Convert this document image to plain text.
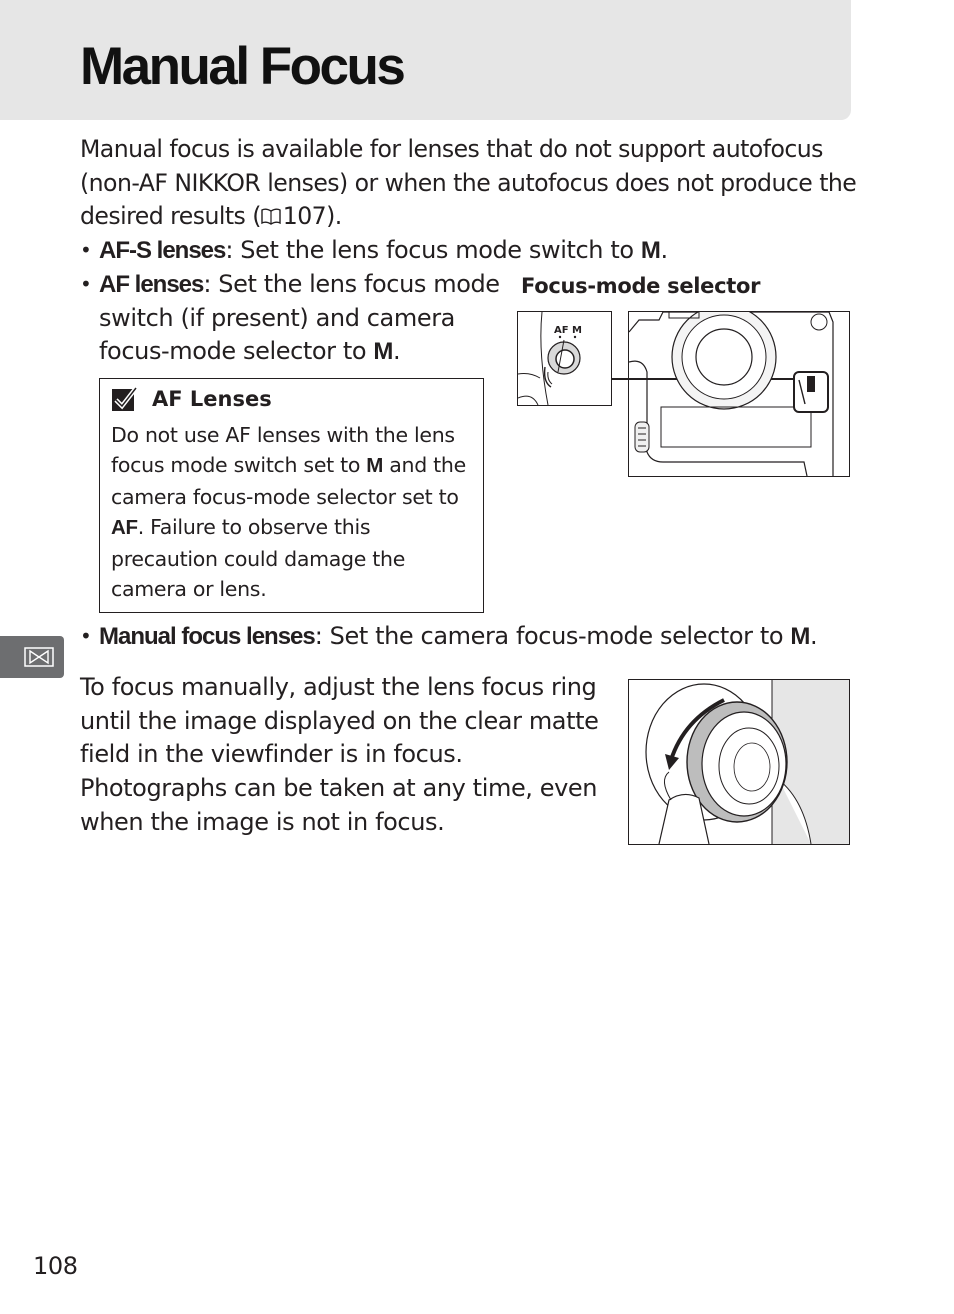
Manual Focus

Manual focus is available for lenses that do not support autofocus (non-AF NIKKOR lenses) or when the autofocus does not produce the desired results (  107).

• AF-S lenses: Set the lens focus mode switch to M.
• AF lenses: Set the lens focus mode switch (if present) and camera focus-mode selector to M.
AF Lenses

Do not use AF lenses with the lens focus mode switch set to M and the camera focus-mode selector set to AF. Failure to observe this precaution could damage the camera or lens.

Focus-mode selector
AF M
• Manual focus lenses: Set the camera focus-mode selector to M.

To focus manually, adjust the lens focus ring until the image displayed on the clear matte field in the viewfinder is in focus. Photographs can be taken at any time, even when the image is not in focus.

108
